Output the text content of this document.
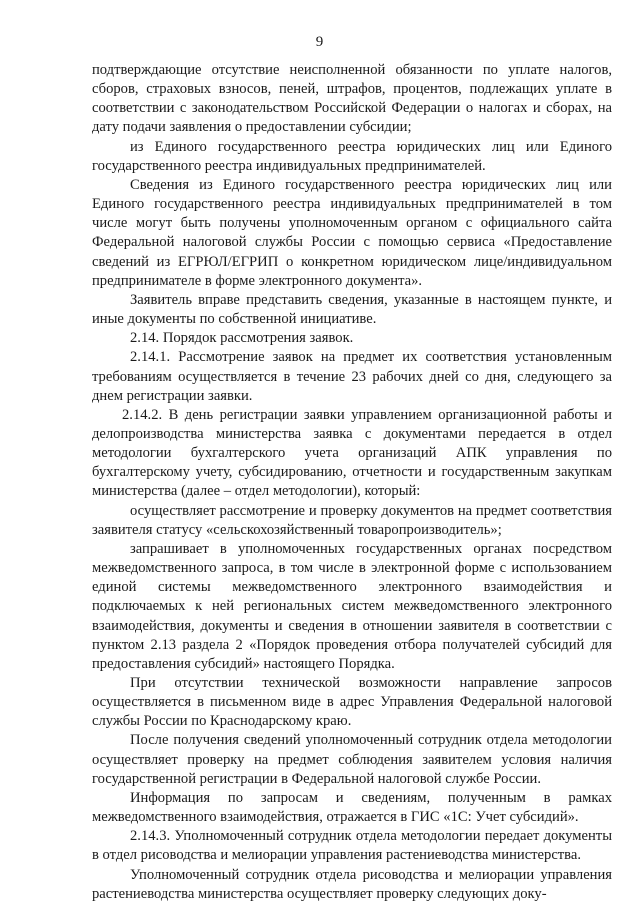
9

подтверждающие отсутствие неисполненной обязанности по уплате налогов, сборов, страховых взносов, пеней, штрафов, процентов, подлежащих уплате в соответствии с законодательством Российской Федерации о налогах и сборах, на дату подачи заявления о предоставлении субсидии;

из Единого государственного реестра юридических лиц или Единого государственного реестра индивидуальных предпринимателей.

Сведения из Единого государственного реестра юридических лиц или Единого государственного реестра индивидуальных предпринимателей в том числе могут быть получены уполномоченным органом с официального сайта Федеральной налоговой службы России с помощью сервиса «Предоставление сведений из ЕГРЮЛ/ЕГРИП о конкретном юридическом лице/индивидуальном предпринимателе в форме электронного документа».

Заявитель вправе представить сведения, указанные в настоящем пункте, и иные документы по собственной инициативе.

2.14. Порядок рассмотрения заявок.

2.14.1. Рассмотрение заявок на предмет их соответствия установленным требованиям осуществляется в течение 23 рабочих дней со дня, следующего за днем регистрации заявки.

2.14.2. В день регистрации заявки управлением организационной работы и делопроизводства министерства заявка с документами передается в отдел методологии бухгалтерского учета организаций АПК управления по бухгалтерскому учету, субсидированию, отчетности и государственным закупкам министерства (далее – отдел методологии), который:

осуществляет рассмотрение и проверку документов на предмет соответствия заявителя статусу «сельскохозяйственный товаропроизводитель»;

запрашивает в уполномоченных государственных органах посредством межведомственного запроса, в том числе в электронной форме с использованием единой системы межведомственного электронного взаимодействия и подключаемых к ней региональных систем межведомственного электронного взаимодействия, документы и сведения в отношении заявителя в соответствии с пунктом 2.13 раздела 2 «Порядок проведения отбора получателей субсидий для предоставления субсидий» настоящего Порядка.

При отсутствии технической возможности направление запросов осуществляется в письменном виде в адрес Управления Федеральной налоговой службы России по Краснодарскому краю.

После получения сведений уполномоченный сотрудник отдела методологии осуществляет проверку на предмет соблюдения заявителем условия наличия государственной регистрации в Федеральной налоговой службе России.

Информация по запросам и сведениям, полученным в рамках межведомственного взаимодействия, отражается в ГИС «1С: Учет субсидий».

2.14.3. Уполномоченный сотрудник отдела методологии передает документы в отдел рисоводства и мелиорации управления растениеводства министерства.

Уполномоченный сотрудник отдела рисоводства и мелиорации управления растениеводства министерства осуществляет проверку следующих доку-
